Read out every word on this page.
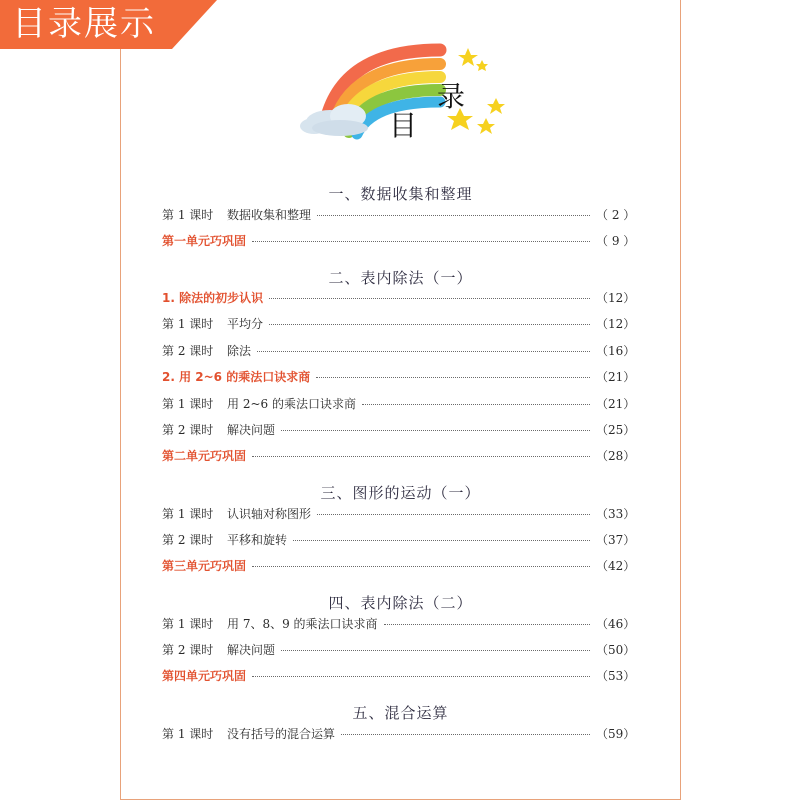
目录展示
目
录
一、数据收集和整理
第 1 课时	数据收集和整理	（ 2 ）
第一单元巧巩固	（ 9 ）
二、表内除法（一）
1. 除法的初步认识	（12）
第 1 课时	平均分	（12）
第 2 课时	除法	（16）
2. 用 2~6 的乘法口诀求商	（21）
第 1 课时	用 2~6 的乘法口诀求商	（21）
第 2 课时	解决问题	（25）
第二单元巧巩固	（28）
三、图形的运动（一）
第 1 课时	认识轴对称图形	（33）
第 2 课时	平移和旋转	（37）
第三单元巧巩固	（42）
四、表内除法（二）
第 1 课时	用 7、8、9 的乘法口诀求商	（46）
第 2 课时	解决问题	（50）
第四单元巧巩固	（53）
五、混合运算
第 1 课时	没有括号的混合运算	（59）
